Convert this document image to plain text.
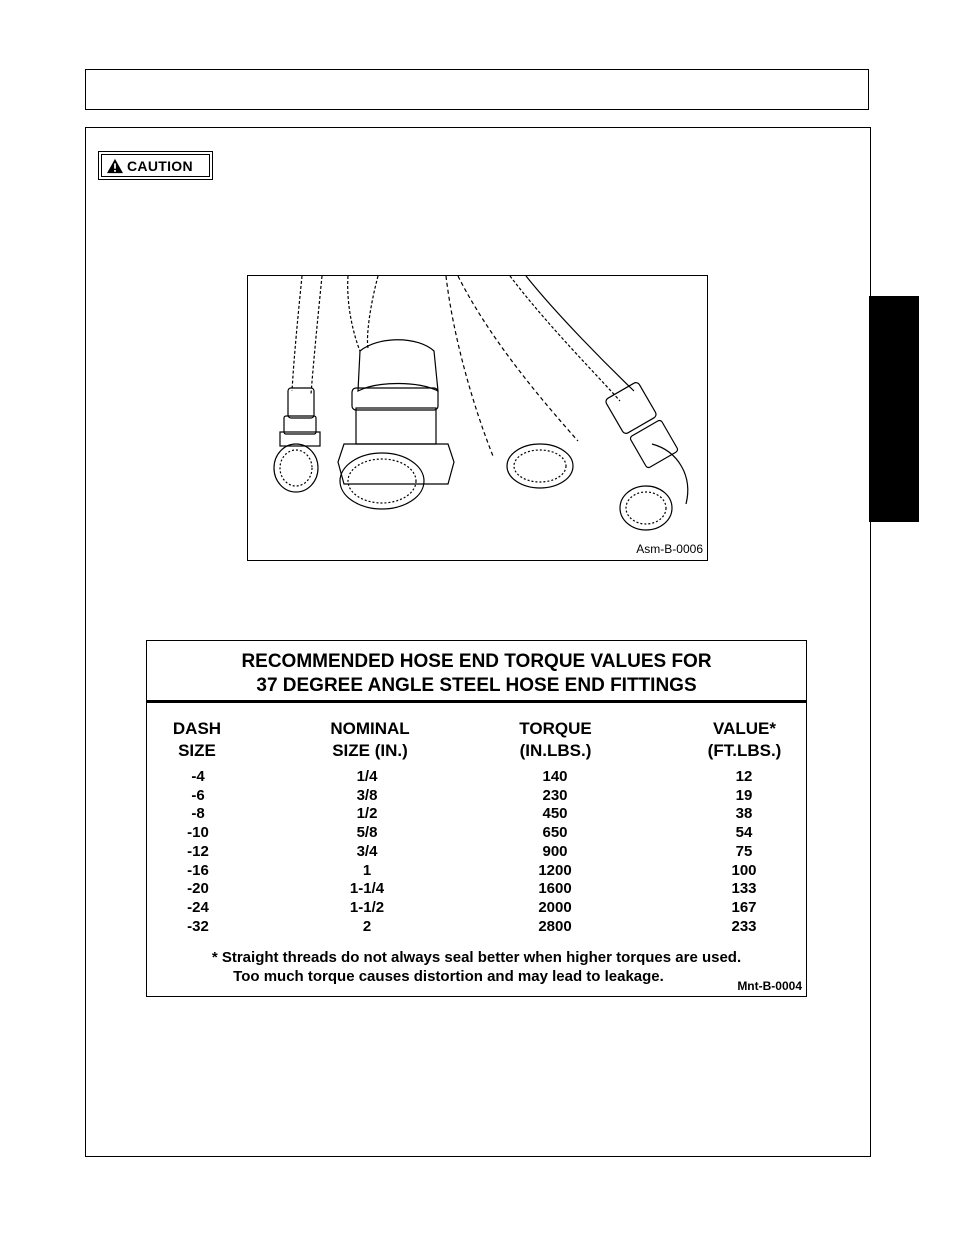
CAUTION
Asm-B-0006
RECOMMENDED HOSE END TORQUE VALUES FOR
37 DEGREE ANGLE STEEL HOSE END FITTINGS
DASH
SIZE
NOMINAL
SIZE (IN.)
TORQUE
(IN.LBS.)
VALUE*
(FT.LBS.)
-4	1/4	140	12
-6	3/8	230	19
-8	1/2	450	38
-10	5/8	650	54
-12	3/4	900	75
-16	1	1200	100
-20	1-1/4	1600	133
-24	1-1/2	2000	167
-32	2	2800	233
* Straight threads do not always seal better when higher torques are used.
Too much torque causes distortion and may lead to leakage.
Mnt-B-0004
